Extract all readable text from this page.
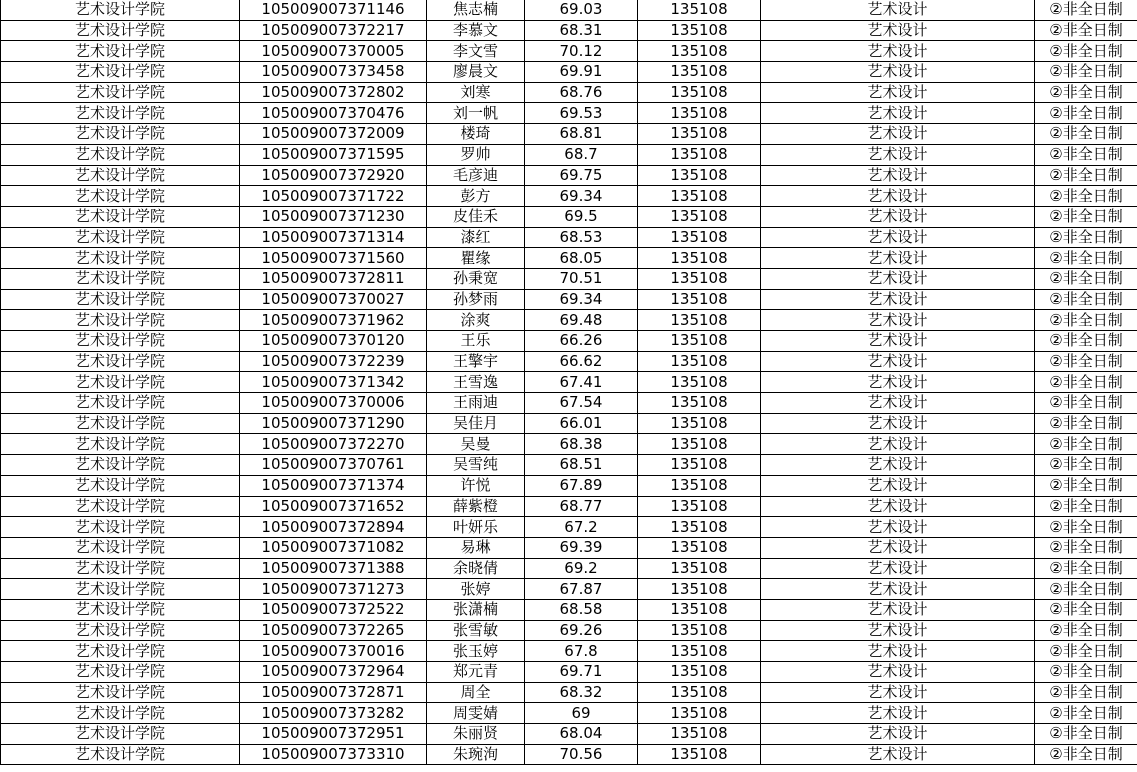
艺术设计学院	105009007371146	焦志楠	69.03	135108	艺术设计	②非全日制
艺术设计学院	105009007372217	李慕文	68.31	135108	艺术设计	②非全日制
艺术设计学院	105009007370005	李文雪	70.12	135108	艺术设计	②非全日制
艺术设计学院	105009007373458	廖晨文	69.91	135108	艺术设计	②非全日制
艺术设计学院	105009007372802	刘寒	68.76	135108	艺术设计	②非全日制
艺术设计学院	105009007370476	刘一帆	69.53	135108	艺术设计	②非全日制
艺术设计学院	105009007372009	楼琦	68.81	135108	艺术设计	②非全日制
艺术设计学院	105009007371595	罗帅	68.7	135108	艺术设计	②非全日制
艺术设计学院	105009007372920	毛彦迪	69.75	135108	艺术设计	②非全日制
艺术设计学院	105009007371722	彭方	69.34	135108	艺术设计	②非全日制
艺术设计学院	105009007371230	皮佳禾	69.5	135108	艺术设计	②非全日制
艺术设计学院	105009007371314	漆红	68.53	135108	艺术设计	②非全日制
艺术设计学院	105009007371560	瞿缘	68.05	135108	艺术设计	②非全日制
艺术设计学院	105009007372811	孙秉宽	70.51	135108	艺术设计	②非全日制
艺术设计学院	105009007370027	孙梦雨	69.34	135108	艺术设计	②非全日制
艺术设计学院	105009007371962	涂爽	69.48	135108	艺术设计	②非全日制
艺术设计学院	105009007370120	王乐	66.26	135108	艺术设计	②非全日制
艺术设计学院	105009007372239	王擎宇	66.62	135108	艺术设计	②非全日制
艺术设计学院	105009007371342	王雪逸	67.41	135108	艺术设计	②非全日制
艺术设计学院	105009007370006	王雨迪	67.54	135108	艺术设计	②非全日制
艺术设计学院	105009007371290	吴佳月	66.01	135108	艺术设计	②非全日制
艺术设计学院	105009007372270	吴曼	68.38	135108	艺术设计	②非全日制
艺术设计学院	105009007370761	吴雪纯	68.51	135108	艺术设计	②非全日制
艺术设计学院	105009007371374	许悦	67.89	135108	艺术设计	②非全日制
艺术设计学院	105009007371652	薛紫橙	68.77	135108	艺术设计	②非全日制
艺术设计学院	105009007372894	叶妍乐	67.2	135108	艺术设计	②非全日制
艺术设计学院	105009007371082	易琳	69.39	135108	艺术设计	②非全日制
艺术设计学院	105009007371388	余晓倩	69.2	135108	艺术设计	②非全日制
艺术设计学院	105009007371273	张婷	67.87	135108	艺术设计	②非全日制
艺术设计学院	105009007372522	张潇楠	68.58	135108	艺术设计	②非全日制
艺术设计学院	105009007372265	张雪敏	69.26	135108	艺术设计	②非全日制
艺术设计学院	105009007370016	张玉婷	67.8	135108	艺术设计	②非全日制
艺术设计学院	105009007372964	郑元青	69.71	135108	艺术设计	②非全日制
艺术设计学院	105009007372871	周全	68.32	135108	艺术设计	②非全日制
艺术设计学院	105009007373282	周雯婧	69	135108	艺术设计	②非全日制
艺术设计学院	105009007372951	朱丽贤	68.04	135108	艺术设计	②非全日制
艺术设计学院	105009007373310	朱琬洵	70.56	135108	艺术设计	②非全日制
